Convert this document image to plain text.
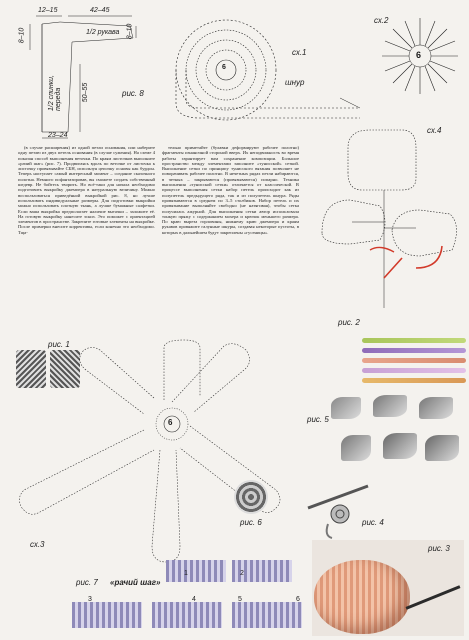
12–15	42–45
8–10	1/2 рукава
1/2 спинки, переда	50–55
8–10
23–24
рис. 8
6
сх.1
шнур
6
сх.2
сх.4

(в случае расширения) из одной петли основания, или наберите одну петлю из двух петель основания (в случае сужения). На схеме 4 показан способ выполнения веточки. По краям листочков выполните «рачий шаг» (рис. 7). Продвигаясь вдоль по веточке от листочка к листочку провязывайте СБН, используя цепочку основы как бурдон. Теперь наступает самый интересный момент – создание сказочного полотна. Немного пофантазировав, вы сможете создать собственный шедевр. Не бойтесь творить. Но всё-таки для начала необходимо подготовить выкройку джемпера в натуральную величину. Можно воспользоваться приведённой выкройкой рис. 8, но лучше использовать индивидуальные размеры. Для подготовки выкройки можно использовать плотную ткань, а лучше бумажные салфетки. Если ваша выкройка предполагает наличие вытачки – заложите её. На готовую выкройку нанесите эскиз. Это поможет с ориентацией элементов в пространстве. Закрепите готовые элементы на выкройке. После примерки внесите коррективы, если конечно это необходимо. Тща-

тельно приметайте (булавки деформируют рабочее полотно) фрагменты изнаночной стороной вверх. Их неподвижность во время работы гарантирует вам сохранение композиции. Большое пространство между элементами заполните «тунисской» сеткой. Выполнение сетки по принципу тунисского вязания позволяет не поворачивать рабочее полотно. В нечетных рядах петли набираются, в четных – закрываются (провязываются) попарно. Техника выполнения «тунисской сетки» отличается от классической. В процессе выполнения сетки набор петель происходит как из полупетель предыдущего ряда, так и из полупетель шнура. Ряды провязываются в среднем по 3–5 столбиков. Набор петель и их провязывание выполняйте свободно (не натягивая), чтобы сетка получилась ажурной. Для выполнения сетки автор использовала тонкую пряжу с содержанием мохера и крючок меньшего размера. По краю выреза горловины, нижнему краю джемпера и краям рукавов провяжите галунные шнуры, создавая некоторые пустоты, в которых в дальнейшем будут закреплены «гусеницы».

рис. 2
рис. 1
6
сх.3
рис. 6
рис. 5
рис. 4
рис. 3
рис. 7 «рачий шаг»
1	2
3	4	5	6
